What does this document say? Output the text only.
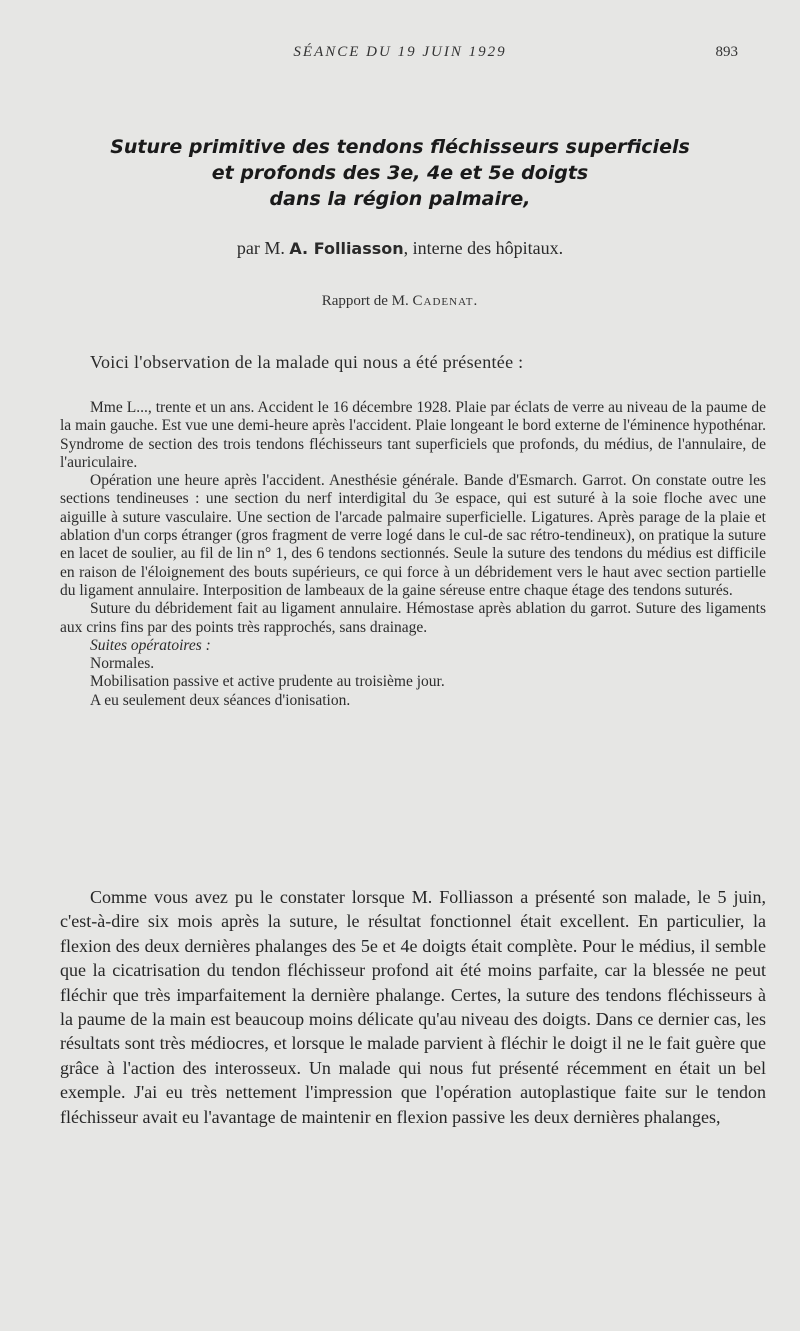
SÉANCE DU 19 JUIN 1929	893
Suture primitive des tendons fléchisseurs superficiels
et profonds des 3e, 4e et 5e doigts
dans la région palmaire,
par M. A. Folliasson, interne des hôpitaux.
Rapport de M. Cadenat.
Voici l'observation de la malade qui nous a été présentée :

Mme L..., trente et un ans. Accident le 16 décembre 1928. Plaie par éclats de verre au niveau de la paume de la main gauche. Est vue une demi-heure après l'accident. Plaie longeant le bord externe de l'éminence hypothénar. Syndrome de section des trois tendons fléchisseurs tant superficiels que profonds, du médius, de l'annulaire, de l'auriculaire.

Opération une heure après l'accident. Anesthésie générale. Bande d'Esmarch. Garrot. On constate outre les sections tendineuses : une section du nerf interdigital du 3e espace, qui est suturé à la soie floche avec une aiguille à suture vasculaire. Une section de l'arcade palmaire superficielle. Ligatures. Après parage de la plaie et ablation d'un corps étranger (gros fragment de verre logé dans le cul-de sac rétro-tendineux), on pratique la suture en lacet de soulier, au fil de lin n° 1, des 6 tendons sectionnés. Seule la suture des tendons du médius est difficile en raison de l'éloignement des bouts supérieurs, ce qui force à un débridement vers le haut avec section partielle du ligament annulaire. Interposition de lambeaux de la gaine séreuse entre chaque étage des tendons suturés.

Suture du débridement fait au ligament annulaire. Hémostase après ablation du garrot. Suture des ligaments aux crins fins par des points très rapprochés, sans drainage.

Suites opératoires :
Normales.
Mobilisation passive et active prudente au troisième jour.
A eu seulement deux séances d'ionisation.

Comme vous avez pu le constater lorsque M. Folliasson a présenté son malade, le 5 juin, c'est-à-dire six mois après la suture, le résultat fonctionnel était excellent. En particulier, la flexion des deux dernières phalanges des 5e et 4e doigts était complète. Pour le médius, il semble que la cicatrisation du tendon fléchisseur profond ait été moins parfaite, car la blessée ne peut fléchir que très imparfaitement la dernière phalange. Certes, la suture des tendons fléchisseurs à la paume de la main est beaucoup moins délicate qu'au niveau des doigts. Dans ce dernier cas, les résultats sont très médiocres, et lorsque le malade parvient à fléchir le doigt il ne le fait guère que grâce à l'action des interosseux. Un malade qui nous fut présenté récemment en était un bel exemple. J'ai eu très nettement l'impression que l'opération autoplastique faite sur le tendon fléchisseur avait eu l'avantage de maintenir en flexion passive les deux dernières phalanges,
